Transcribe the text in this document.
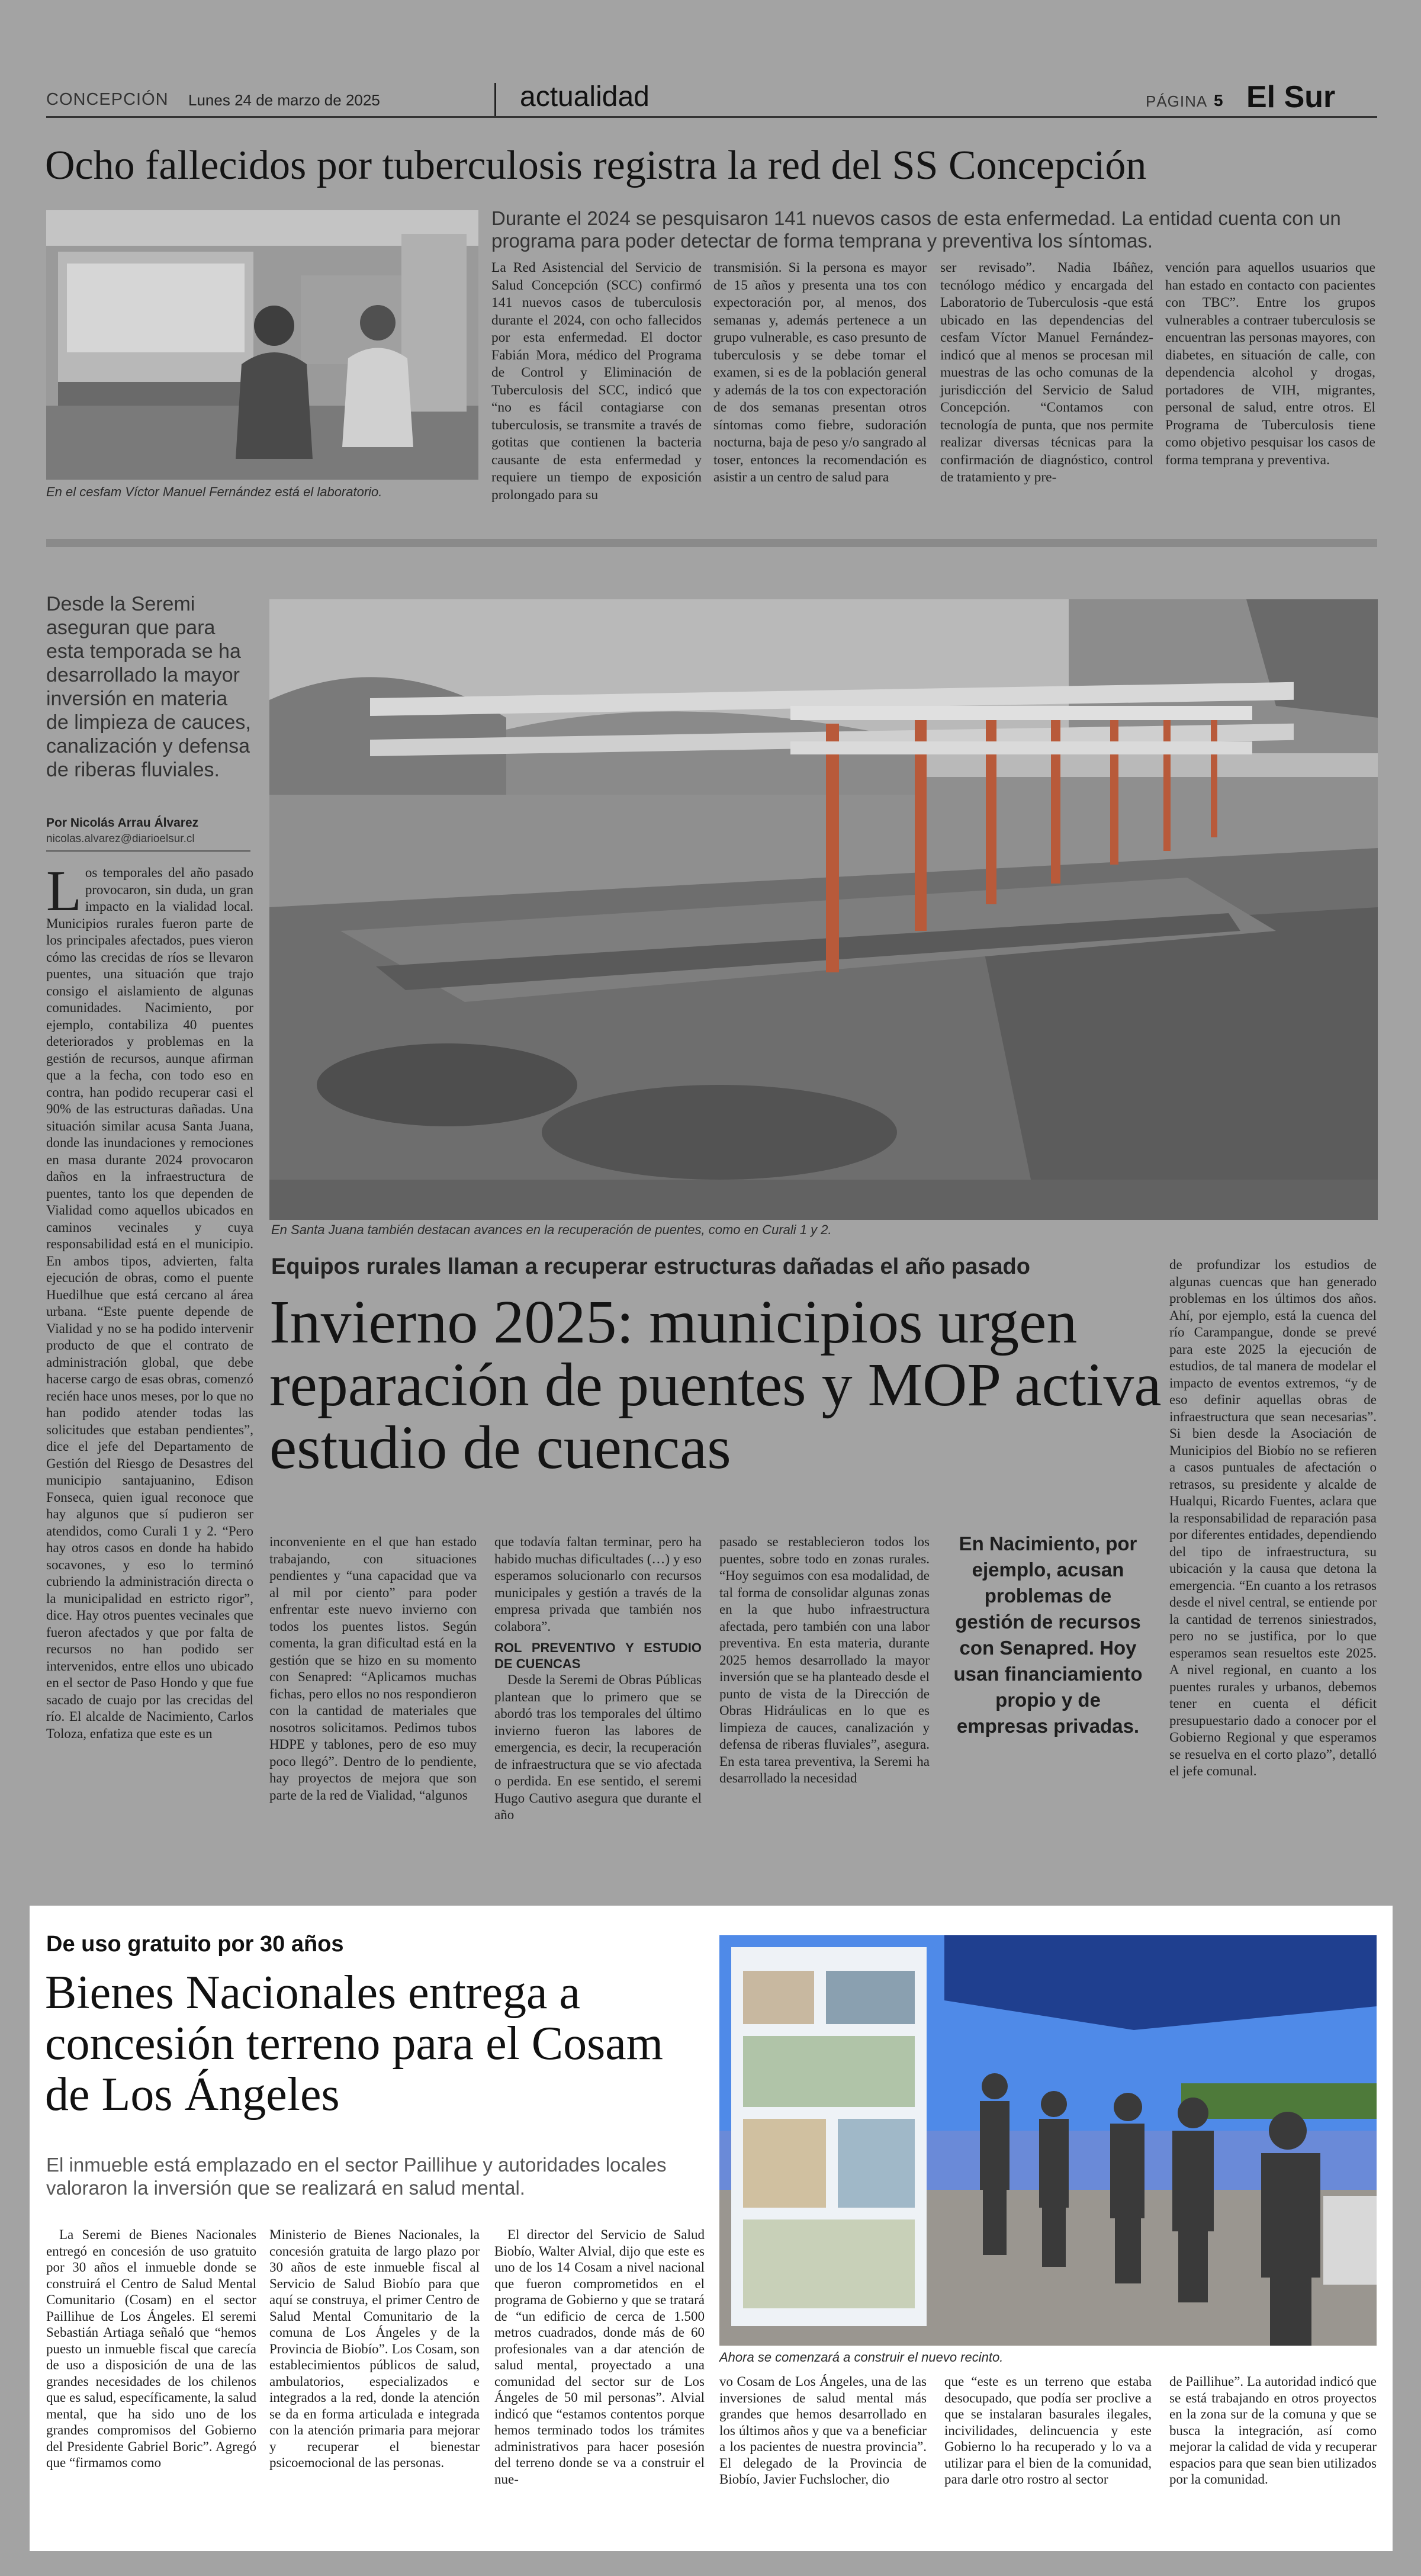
CONCEPCIÓN Lunes 24 de marzo de 2025	actualidad	PÁGINA 5 El Sur
Ocho fallecidos por tuberculosis registra la red del SS Concepción
En el cesfam Víctor Manuel Fernández está el laboratorio.
Durante el 2024 se pesquisaron 141 nuevos casos de esta enfermedad. La entidad cuenta con un programa para poder detectar de forma temprana y preventiva los síntomas.

La Red Asistencial del Servicio de Salud Concepción (SCC) confirmó 141 nuevos casos de tuberculosis durante el 2024, con ocho fallecidos por esta enfermedad. El doctor Fabián Mora, médico del Programa de Control y Eliminación de Tuberculosis del SCC, indicó que “no es fácil contagiarse con tuberculosis, se transmite a través de gotitas que contienen la bacteria causante de esta enfermedad y requiere un tiempo de exposición prolongado para su

transmisión. Si la persona es mayor de 15 años y presenta una tos con expectoración por, al menos, dos semanas y, además pertenece a un grupo vulnerable, es caso presunto de tuberculosis y se debe tomar el examen, si es de la población general y además de la tos con expectoración de dos semanas presentan otros síntomas como fiebre, sudoración nocturna, baja de peso y/o sangrado al toser, entonces la recomendación es asistir a un centro de salud para

ser revisado”. Nadia Ibáñez, tecnólogo médico y encargada del Laboratorio de Tuberculosis -que está ubicado en las dependencias del cesfam Víctor Manuel Fernández- indicó que al menos se procesan mil muestras de las ocho comunas de la jurisdicción del Servicio de Salud Concepción. “Contamos con tecnología de punta, que nos permite realizar diversas técnicas para la confirmación de diagnóstico, control de tratamiento y pre-

vención para aquellos usuarios que han estado en contacto con pacientes con TBC”. Entre los grupos vulnerables a contraer tuberculosis se encuentran las personas mayores, con diabetes, en situación de calle, con dependencia alcohol y drogas, portadores de VIH, migrantes, personal de salud, entre otros. El Programa de Tuberculosis tiene como objetivo pesquisar los casos de forma temprana y preventiva.

Desde la Seremi aseguran que para esta temporada se ha desarrollado la mayor inversión en materia de limpieza de cauces, canalización y defensa de riberas fluviales.
Por Nicolás Arrau Álvarez
nicolas.alvarez@diarioelsur.cl

Los temporales del año pasado provocaron, sin duda, un gran impacto en la vialidad local. Municipios rurales fueron parte de los principales afectados, pues vieron cómo las crecidas de ríos se llevaron puentes, una situación que trajo consigo el aislamiento de algunas comunidades. Nacimiento, por ejemplo, contabiliza 40 puentes deteriorados y problemas en la gestión de recursos, aunque afirman que a la fecha, con todo eso en contra, han podido recuperar casi el 90% de las estructuras dañadas. Una situación similar acusa Santa Juana, donde las inundaciones y remociones en masa durante 2024 provocaron daños en la infraestructura de puentes, tanto los que dependen de Vialidad como aquellos ubicados en caminos vecinales y cuya responsabilidad está en el municipio. En ambos tipos, advierten, falta ejecución de obras, como el puente Huedilhue que está cercano al área urbana. “Este puente depende de Vialidad y no se ha podido intervenir producto de que el contrato de administración global, que debe hacerse cargo de esas obras, comenzó recién hace unos meses, por lo que no han podido atender todas las solicitudes que estaban pendientes”, dice el jefe del Departamento de Gestión del Riesgo de Desastres del municipio santajuanino, Edison Fonseca, quien igual reconoce que hay algunos que sí pudieron ser atendidos, como Curali 1 y 2. “Pero hay otros casos en donde ha habido socavones, y eso lo terminó cubriendo la administración directa o la municipalidad en estricto rigor”, dice. Hay otros puentes vecinales que fueron afectados y que por falta de recursos no han podido ser intervenidos, entre ellos uno ubicado en el sector de Paso Hondo y que fue sacado de cuajo por las crecidas del río. El alcalde de Nacimiento, Carlos Toloza, enfatiza que este es un

En Santa Juana también destacan avances en la recuperación de puentes, como en Curali 1 y 2.
Equipos rurales llaman a recuperar estructuras dañadas el año pasado
Invierno 2025: municipios urgen reparación de puentes y MOP activa estudio de cuencas

inconveniente en el que han estado trabajando, con situaciones pendientes y “una capacidad que va al mil por ciento” para poder enfrentar este nuevo invierno con todos los puentes listos. Según comenta, la gran dificultad está en la gestión que se hizo en su momento con Senapred: “Aplicamos muchas fichas, pero ellos no nos respondieron con la cantidad de materiales que nosotros solicitamos. Pedimos tubos HDPE y tablones, pero de eso muy poco llegó”. Dentro de lo pendiente, hay proyectos de mejora que son parte de la red de Vialidad, “algunos

que todavía faltan terminar, pero ha habido muchas dificultades (…) y eso esperamos solucionarlo con recursos municipales y gestión a través de la empresa privada que también nos colabora”.

ROL PREVENTIVO Y ESTUDIO DE CUENCAS

Desde la Seremi de Obras Públicas plantean que lo primero que se abordó tras los temporales del último invierno fueron las labores de emergencia, es decir, la recuperación de infraestructura que se vio afectada o perdida. En ese sentido, el seremi Hugo Cautivo asegura que durante el año

pasado se restablecieron todos los puentes, sobre todo en zonas rurales. “Hoy seguimos con esa modalidad, de tal forma de consolidar algunas zonas en la que hubo infraestructura afectada, pero también con una labor preventiva. En esta materia, durante 2025 hemos desarrollado la mayor inversión que se ha planteado desde el punto de vista de la Dirección de Obras Hidráulicas en lo que es limpieza de cauces, canalización y defensa de riberas fluviales”, asegura. En esta tarea preventiva, la Seremi ha desarrollado la necesidad

En Nacimiento, por ejemplo, acusan problemas de gestión de recursos con Senapred. Hoy usan financiamiento propio y de empresas privadas.

de profundizar los estudios de algunas cuencas que han generado problemas en los últimos dos años. Ahí, por ejemplo, está la cuenca del río Carampangue, donde se prevé para este 2025 la ejecución de estudios, de tal manera de modelar el impacto de eventos extremos, “y de eso definir aquellas obras de infraestructura que sean necesarias”. Si bien desde la Asociación de Municipios del Biobío no se refieren a casos puntuales de afectación o retrasos, su presidente y alcalde de Hualqui, Ricardo Fuentes, aclara que la responsabilidad de reparación pasa por diferentes entidades, dependiendo del tipo de infraestructura, su ubicación y la causa que detona la emergencia. “En cuanto a los retrasos desde el nivel central, se entiende por la cantidad de terrenos siniestrados, pero no se justifica, por lo que esperamos sean resueltos este 2025. A nivel regional, en cuanto a los puentes rurales y urbanos, debemos tener en cuenta el déficit presupuestario dado a conocer por el Gobierno Regional y que esperamos se resuelva en el corto plazo”, detalló el jefe comunal.

De uso gratuito por 30 años
Bienes Nacionales entrega a concesión terreno para el Cosam de Los Ángeles
El inmueble está emplazado en el sector Paillihue y autoridades locales valoraron la inversión que se realizará en salud mental.
Ahora se comenzará a construir el nuevo recinto.

La Seremi de Bienes Nacionales entregó en concesión de uso gratuito por 30 años el inmueble donde se construirá el Centro de Salud Mental Comunitario (Cosam) en el sector Paillihue de Los Ángeles. El seremi Sebastián Artiaga señaló que “hemos puesto un inmueble fiscal que carecía de uso a disposición de una de las grandes necesidades de los chilenos que es salud, específicamente, la salud mental, que ha sido uno de los grandes compromisos del Gobierno del Presidente Gabriel Boric”. Agregó que “firmamos como

Ministerio de Bienes Nacionales, la concesión gratuita de largo plazo por 30 años de este inmueble fiscal al Servicio de Salud Biobío para que aquí se construya, el primer Centro de Salud Mental Comunitario de la comuna de Los Ángeles y de la Provincia de Biobío”. Los Cosam, son establecimientos públicos de salud, ambulatorios, especializados e integrados a la red, donde la atención se da en forma articulada e integrada con la atención primaria para mejorar y recuperar el bienestar psicoemocional de las personas.

El director del Servicio de Salud Biobío, Walter Alvial, dijo que este es uno de los 14 Cosam a nivel nacional que fueron comprometidos en el programa de Gobierno y que se tratará de “un edificio de cerca de 1.500 metros cuadrados, donde más de 60 profesionales van a dar atención de salud mental, proyectado a una comunidad del sector sur de Los Ángeles de 50 mil personas”. Alvial indicó que “estamos contentos porque hemos terminado todos los trámites administrativos para hacer posesión del terreno donde se va a construir el nue-

vo Cosam de Los Ángeles, una de las inversiones de salud mental más grandes que hemos desarrollado en los últimos años y que va a beneficiar a los pacientes de nuestra provincia”. El delegado de la Provincia de Biobío, Javier Fuchslocher, dio

que “este es un terreno que estaba desocupado, que podía ser proclive a que se instalaran basurales ilegales, incivilidades, delincuencia y este Gobierno lo ha recuperado y lo va a utilizar para el bien de la comunidad, para darle otro rostro al sector

de Paillihue”. La autoridad indicó que se está trabajando en otros proyectos en la zona sur de la comuna y que se busca la integración, así como mejorar la calidad de vida y recuperar espacios para que sean bien utilizados por la comunidad.
